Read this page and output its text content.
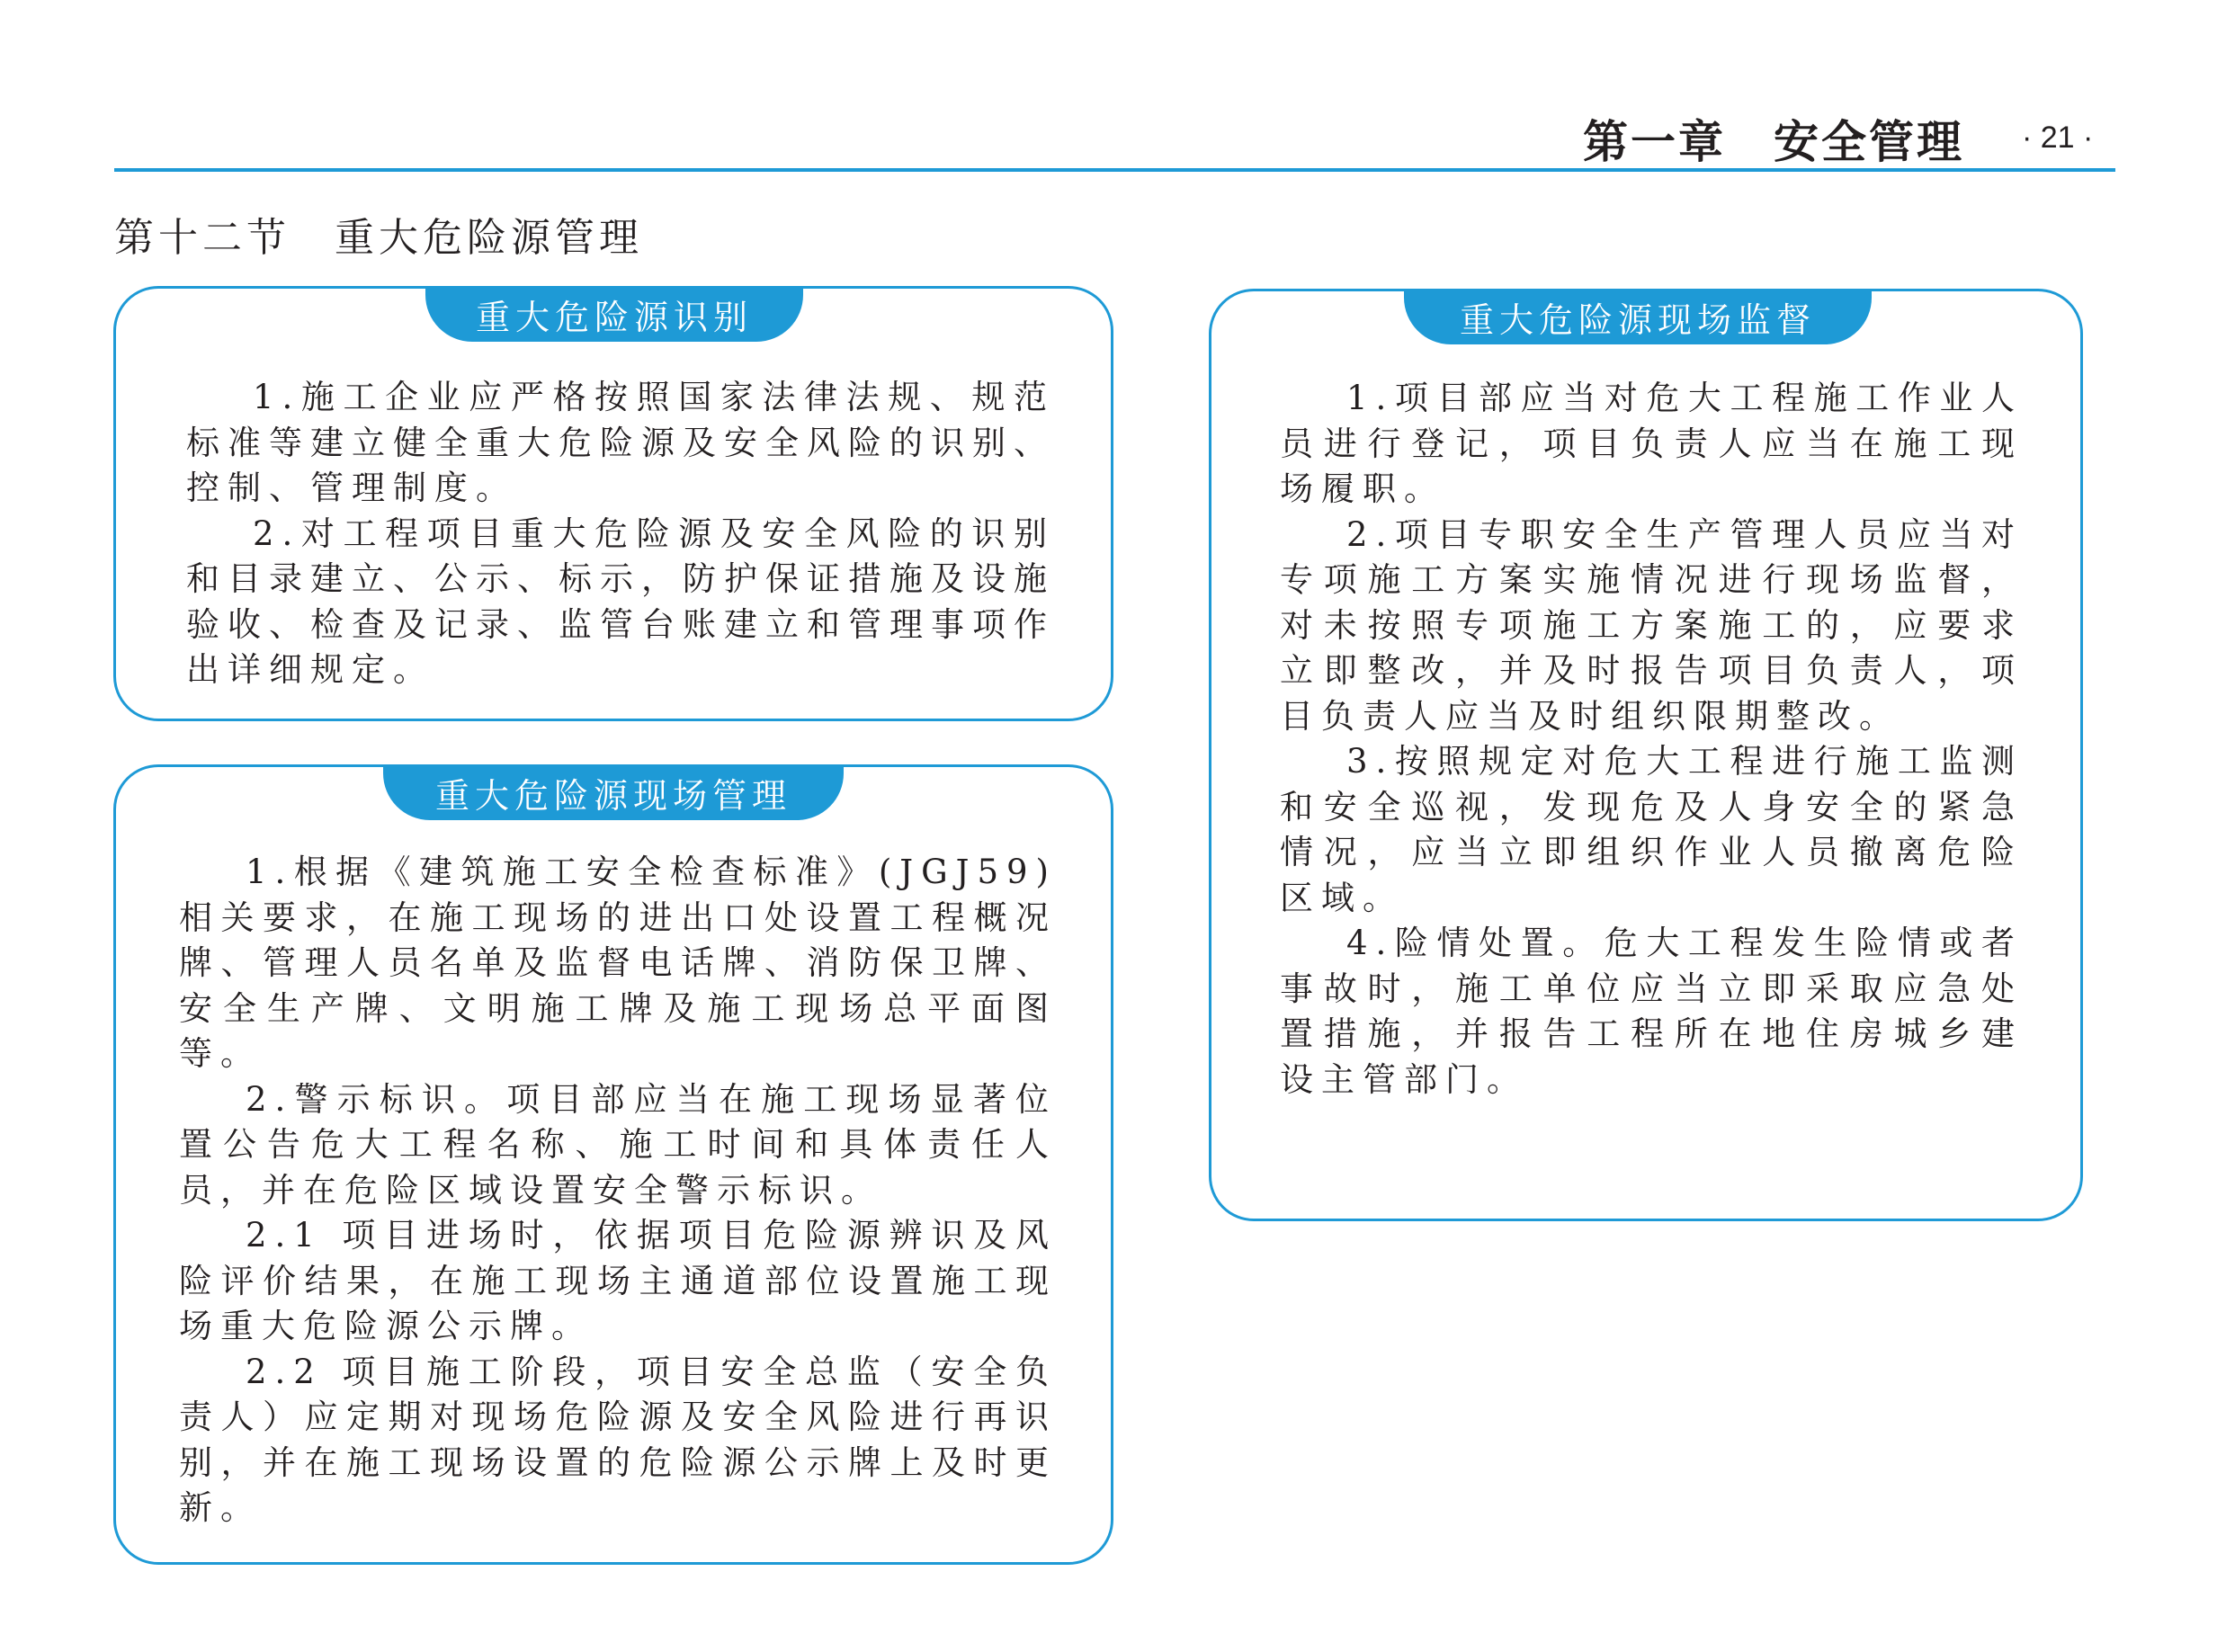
第一章　安全管理 · 21 ·
第十二节　重大危险源管理
重大危险源识别

1.施工企业应严格按照国家法律法规、规范标准等建立健全重大危险源及安全风险的识别、控制、管理制度。

2.对工程项目重大危险源及安全风险的识别和目录建立、公示、标示，防护保证措施及设施验收、检查及记录、监管台账建立和管理事项作出详细规定。

重大危险源现场管理

1.根据《建筑施工安全检查标准》(JGJ59)相关要求，在施工现场的进出口处设置工程概况牌、管理人员名单及监督电话牌、消防保卫牌、安全生产牌、文明施工牌及施工现场总平面图等。

2.警示标识。项目部应当在施工现场显著位置公告危大工程名称、施工时间和具体责任人员，并在危险区域设置安全警示标识。

2.1 项目进场时，依据项目危险源辨识及风险评价结果，在施工现场主通道部位设置施工现场重大危险源公示牌。

2.2 项目施工阶段，项目安全总监（安全负责人）应定期对现场危险源及安全风险进行再识别，并在施工现场设置的危险源公示牌上及时更新。

重大危险源现场监督

1.项目部应当对危大工程施工作业人员进行登记，项目负责人应当在施工现场履职。

2.项目专职安全生产管理人员应当对专项施工方案实施情况进行现场监督，对未按照专项施工方案施工的，应要求立即整改，并及时报告项目负责人，项目负责人应当及时组织限期整改。

3.按照规定对危大工程进行施工监测和安全巡视，发现危及人身安全的紧急情况，应当立即组织作业人员撤离危险区域。

4.险情处置。危大工程发生险情或者事故时，施工单位应当立即采取应急处置措施，并报告工程所在地住房城乡建设主管部门。
